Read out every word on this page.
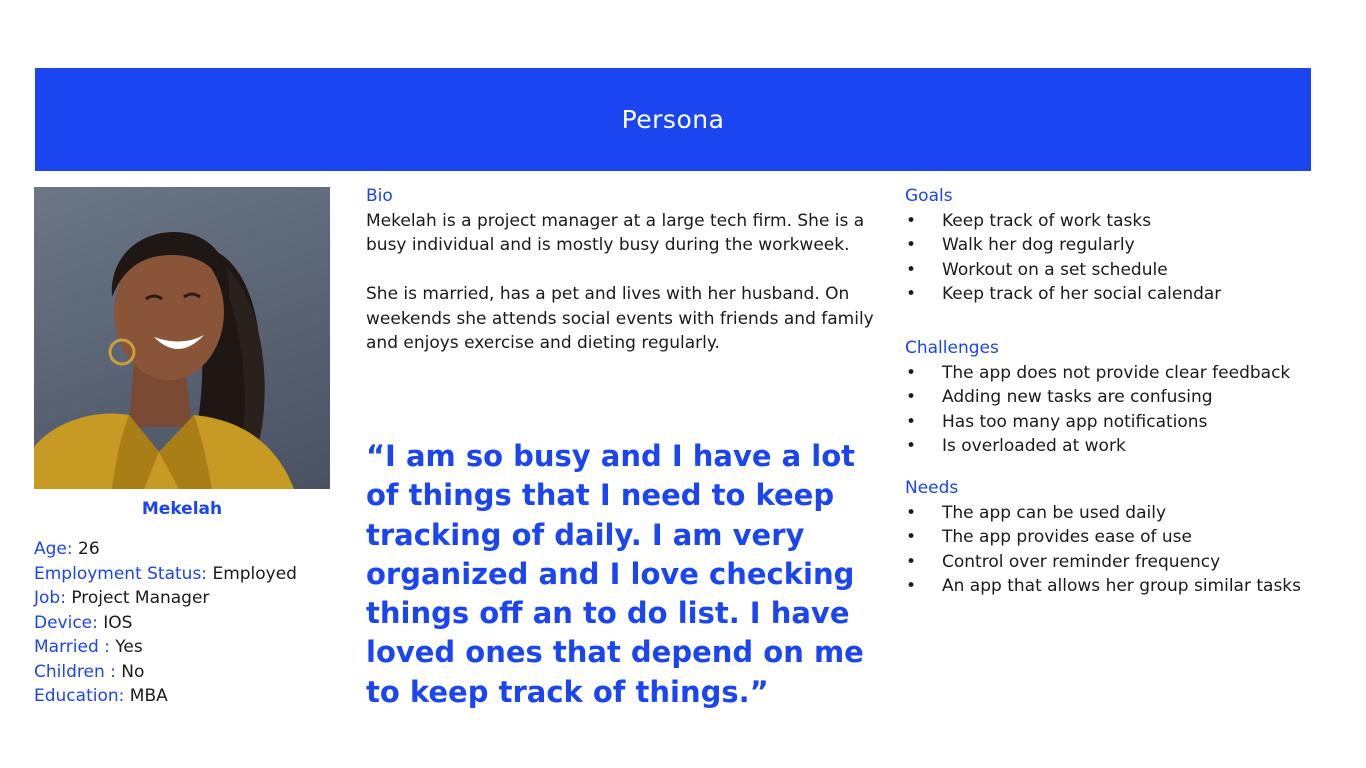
Persona
Mekelah
Age: 26
Employment Status: Employed
Job: Project Manager
Device: IOS
Married : Yes
Children : No
Education: MBA
Bio

Mekelah is a project manager at a large tech firm. She is a busy individual and is mostly busy during the workweek.

She is married, has a pet and lives with her husband. On weekends she attends social events with friends and family and enjoys exercise and dieting regularly.

“I am so busy and I have a lot of things that I need to keep tracking of daily. I am very organized and I love checking things off an to do list. I have loved ones that depend on me to keep track of things.”
Goals
• Keep track of work tasks
• Walk her dog regularly
• Workout on a set schedule
• Keep track of her social calendar
Challenges
• The app does not provide clear feedback
• Adding new tasks are confusing
• Has too many app notifications
• Is overloaded at work
Needs
• The app can be used daily
• The app provides ease of use
• Control over reminder frequency
• An app that allows her group similar tasks
